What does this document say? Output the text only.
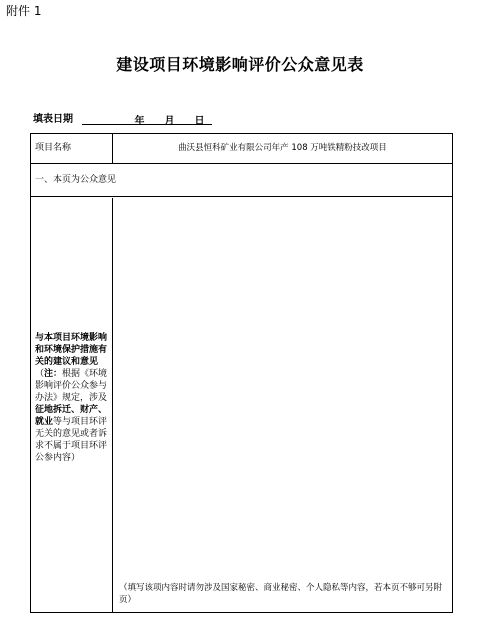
附件 1
建设项目环境影响评价公众意见表
填表日期	年 月 日
项目名称	曲沃县恒科矿业有限公司年产 108 万吨铁精粉技改项目
一、本页为公众意见
与本项目环境影响和环境保护措施有关的建议和意见（注：根据《环境影响评价公众参与办法》规定，涉及征地拆迁、财产、就业等与项目环评无关的意见或者诉求不属于项目环评公参内容）
（填写该项内容时请勿涉及国家秘密、商业秘密、个人隐私等内容，若本页不够可另附页）
